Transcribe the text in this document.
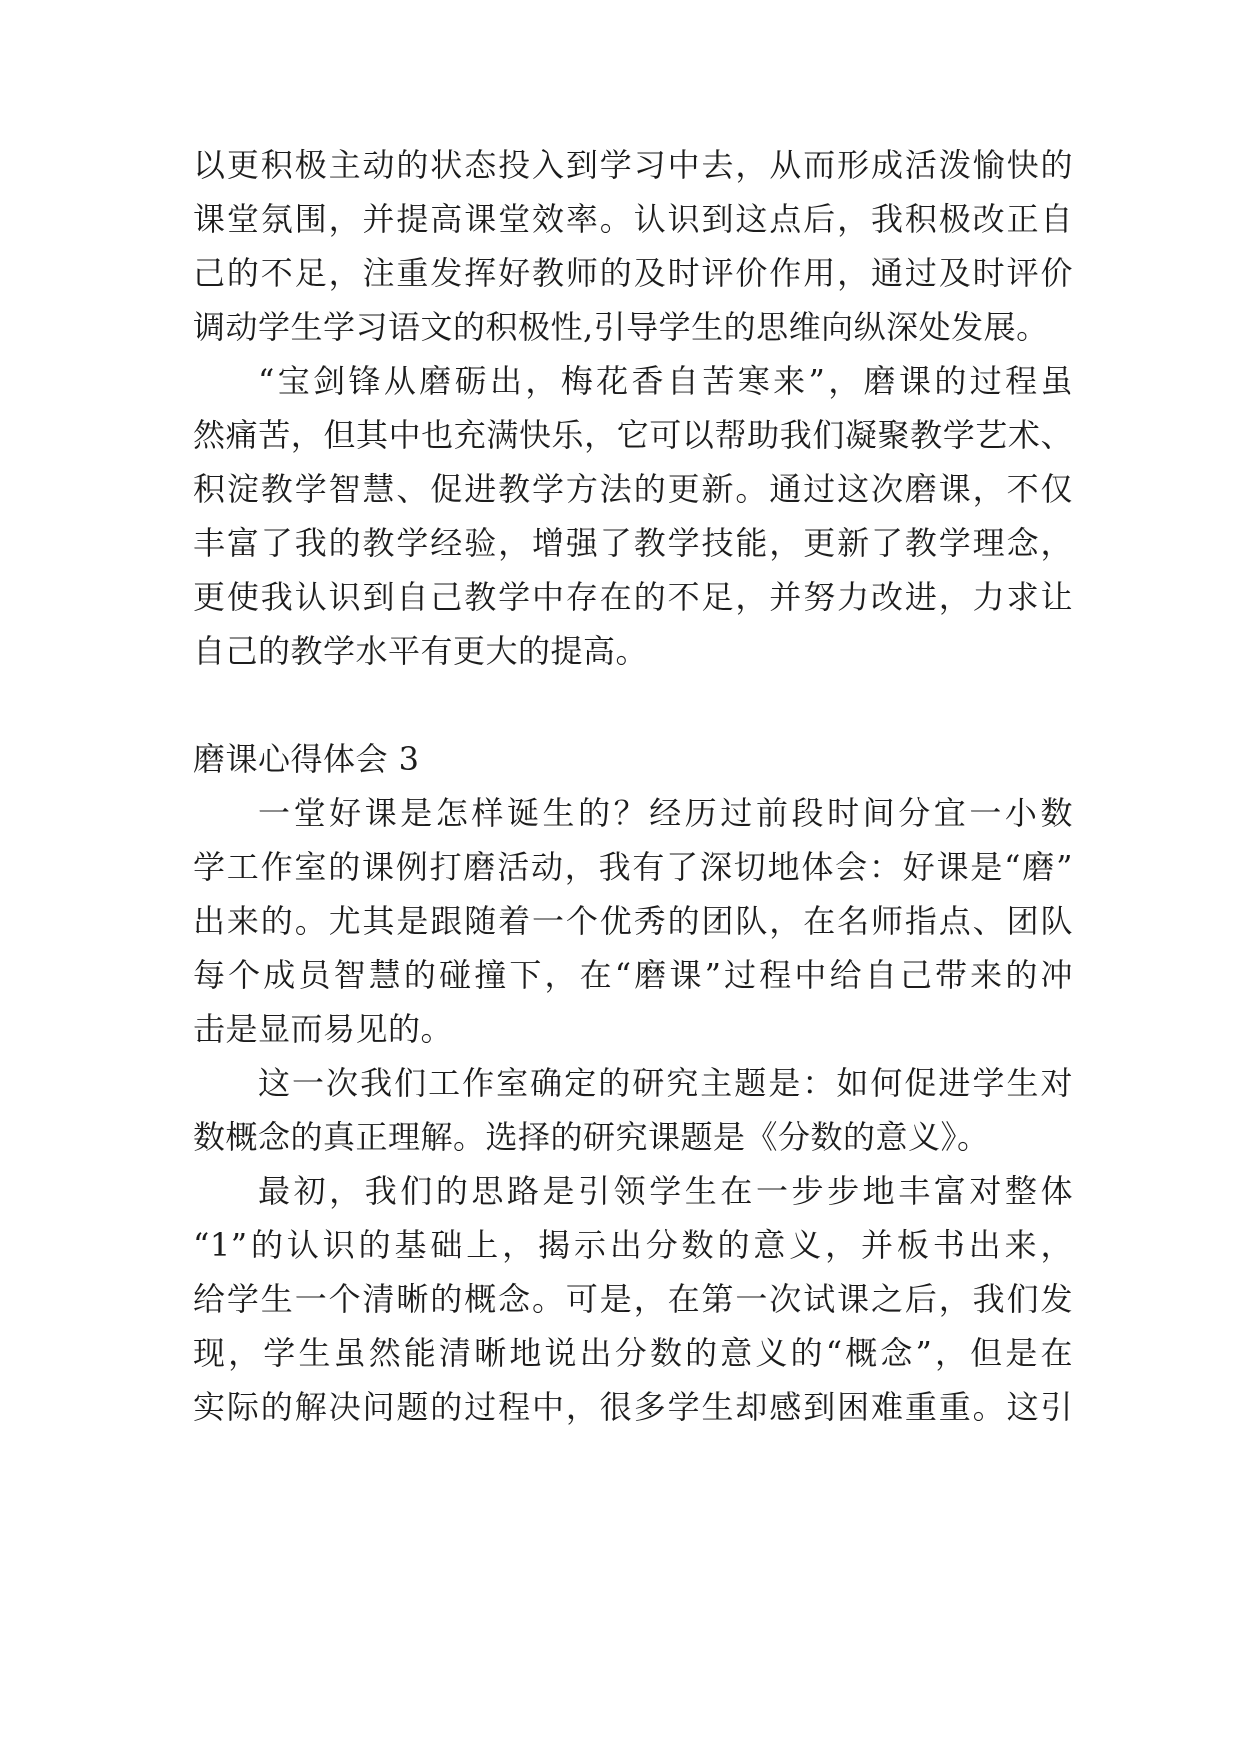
以更积极主动的状态投入到学习中去，从而形成活泼愉快的
课堂氛围，并提高课堂效率。认识到这点后，我积极改正自
己的不足，注重发挥好教师的及时评价作用，通过及时评价
调动学生学习语文的积极性,引导学生的思维向纵深处发展。
“宝剑锋从磨砺出，梅花香自苦寒来”，磨课的过程虽
然痛苦，但其中也充满快乐，它可以帮助我们凝聚教学艺术、
积淀教学智慧、促进教学方法的更新。通过这次磨课，不仅
丰富了我的教学经验，增强了教学技能，更新了教学理念，
更使我认识到自己教学中存在的不足，并努力改进，力求让
自己的教学水平有更大的提高。
磨课心得体会 3
一堂好课是怎样诞生的？经历过前段时间分宜一小数
学工作室的课例打磨活动，我有了深切地体会：好课是“磨”
出来的。尤其是跟随着一个优秀的团队，在名师指点、团队
每个成员智慧的碰撞下，在“磨课”过程中给自己带来的冲
击是显而易见的。
这一次我们工作室确定的研究主题是：如何促进学生对
数概念的真正理解。选择的研究课题是《分数的意义》。
最初，我们的思路是引领学生在一步步地丰富对整体
“1”的认识的基础上，揭示出分数的意义，并板书出来，
给学生一个清晰的概念。可是，在第一次试课之后，我们发
现，学生虽然能清晰地说出分数的意义的“概念”，但是在
实际的解决问题的过程中，很多学生却感到困难重重。这引
